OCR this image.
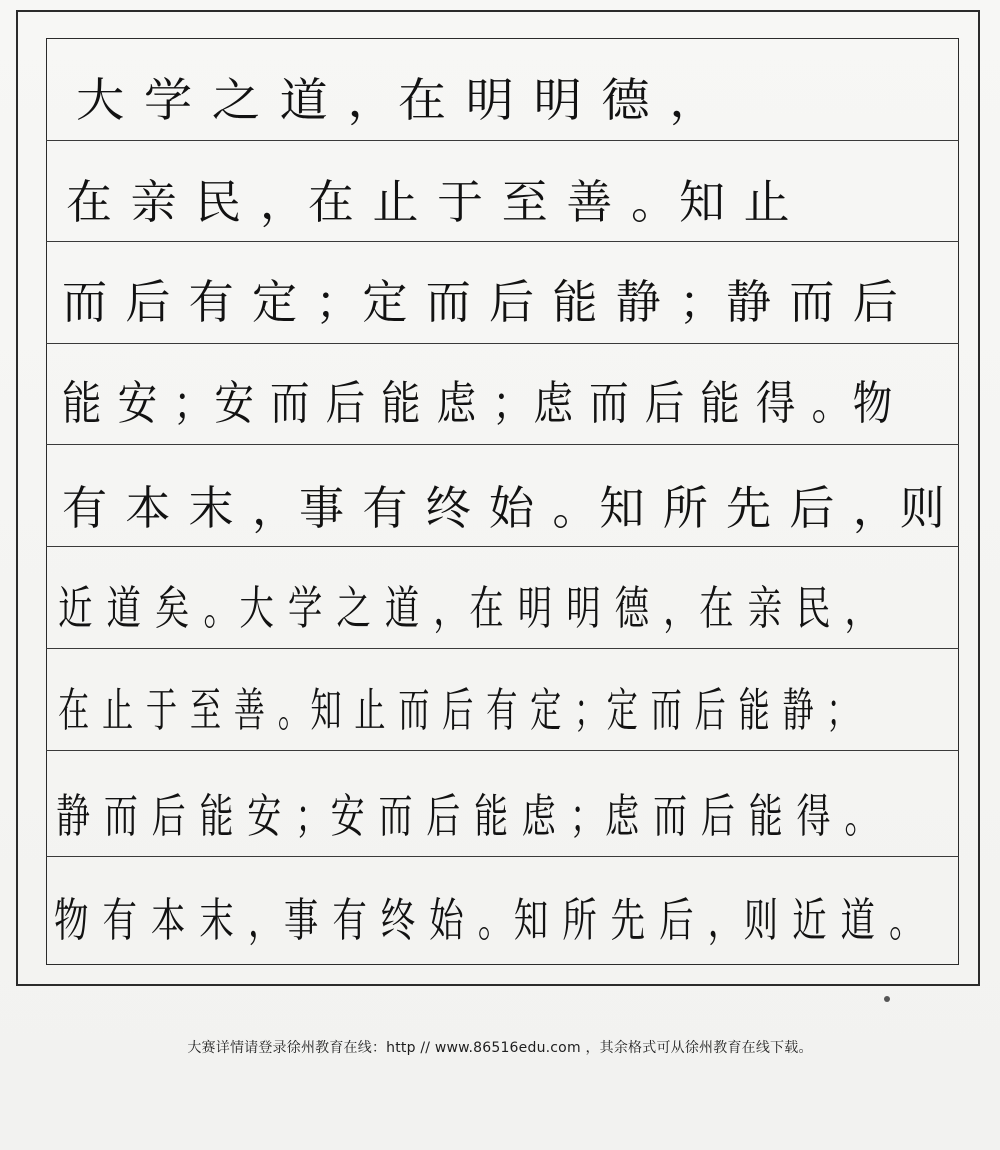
大 学 之 道 ，在 明 明 德 ，
在 亲 民 ，在 止 于 至 善 。知 止
而 后 有 定 ；定 而 后 能 静 ；静 而 后
能 安 ；安 而 后 能 虑 ；虑 而 后 能 得 。物
有 本 末 ，事 有 终 始 。知 所 先 后 ，则
近 道 矣 。大 学 之 道 ，在 明 明 德 ，在 亲 民 ，
在 止 于 至 善 。知 止 而 后 有 定 ；定 而 后 能 静 ；
静 而 后 能 安 ；安 而 后 能 虑 ；虑 而 后 能 得 。
物 有 本 末 ，事 有 终 始 。知 所 先 后 ，则 近 道 。
大赛详情请登录徐州教育在线：http // www.86516edu.com ，其余格式可从徐州教育在线下载。
